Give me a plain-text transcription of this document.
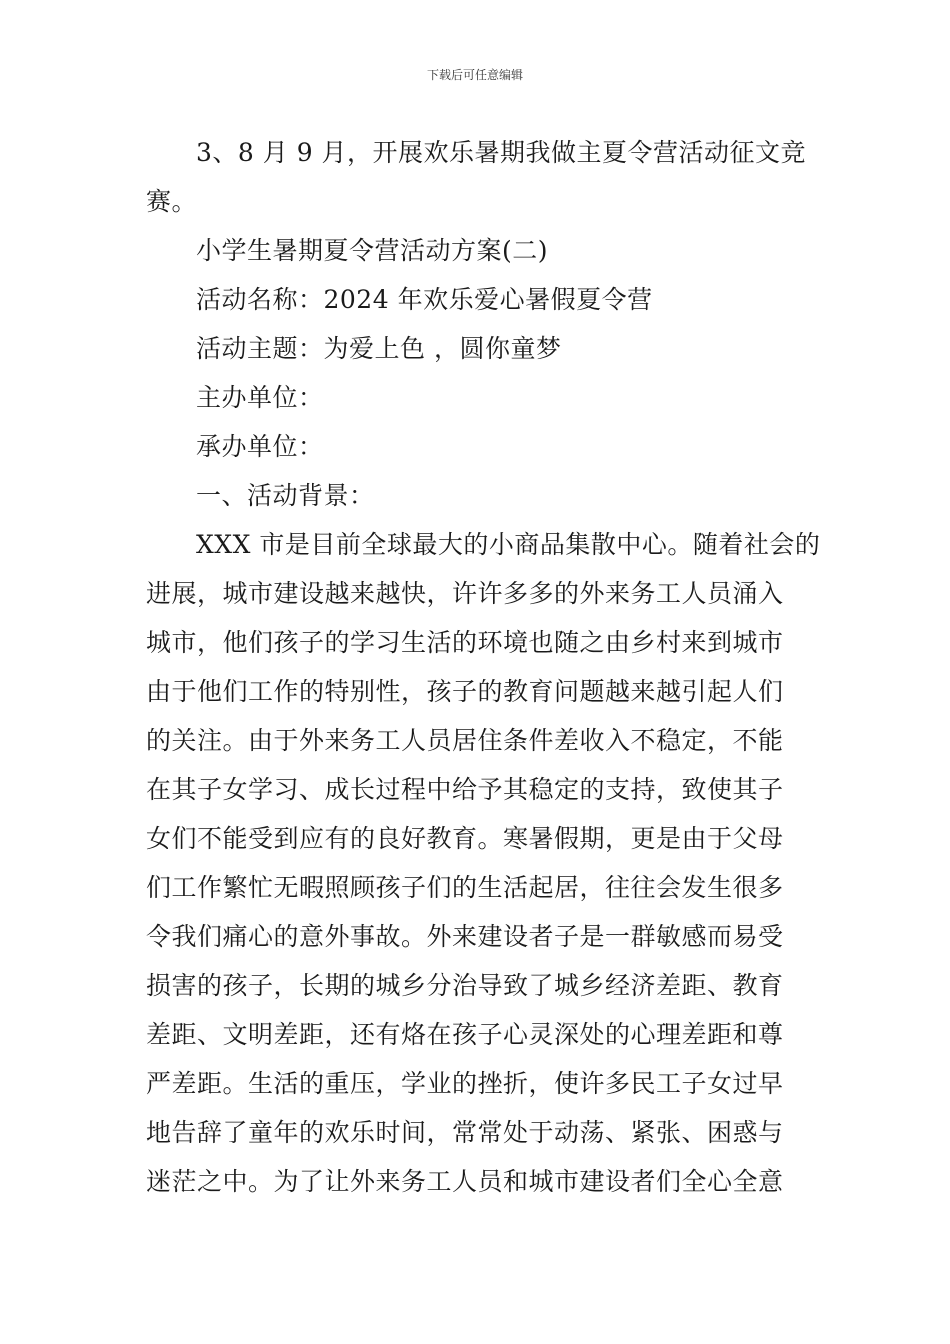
下载后可任意编辑

3、8 月 9 月，开展欢乐暑期我做主夏令营活动征文竞
赛。

小学生暑期夏令营活动方案(二)

活动名称：2024 年欢乐爱心暑假夏令营

活动主题：为爱上色 ，圆你童梦

主办单位：

承办单位：

一、活动背景：

XXX 市是目前全球最大的小商品集散中心。随着社会的
进展，城市建设越来越快，许许多多的外来务工人员涌入
城市，他们孩子的学习生活的环境也随之由乡村来到城市
由于他们工作的特别性，孩子的教育问题越来越引起人们
的关注。由于外来务工人员居住条件差收入不稳定，不能
在其子女学习、成长过程中给予其稳定的支持，致使其子
女们不能受到应有的良好教育。寒暑假期，更是由于父母
们工作繁忙无暇照顾孩子们的生活起居，往往会发生很多
令我们痛心的意外事故。外来建设者子是一群敏感而易受
损害的孩子，长期的城乡分治导致了城乡经济差距、教育
差距、文明差距，还有烙在孩子心灵深处的心理差距和尊
严差距。生活的重压，学业的挫折，使许多民工子女过早
地告辞了童年的欢乐时间，常常处于动荡、紧张、困惑与
迷茫之中。为了让外来务工人员和城市建设者们全心全意
